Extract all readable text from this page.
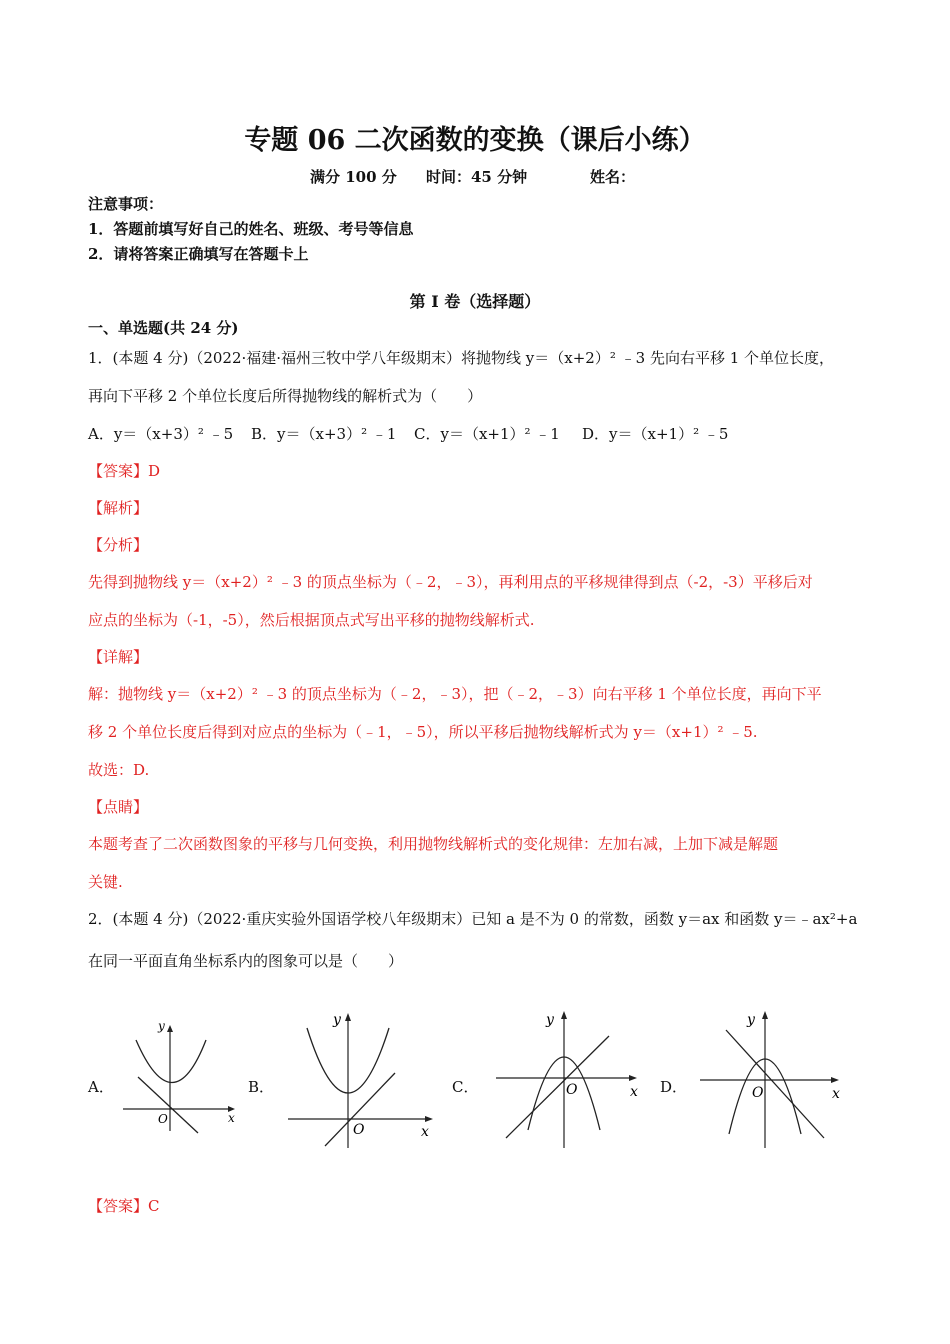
专题 06 二次函数的变换（课后小练）
满分 100 分 时间：45 分钟	姓名：
注意事项：
1．答题前填写好自己的姓名、班级、考号等信息
2．请将答案正确填写在答题卡上
第 I 卷（选择题）
一、单选题(共 24 分)
1．(本题 4 分)（2022·福建·福州三牧中学八年级期末）将抛物线 y＝（x+2）² ﹣3 先向右平移 1 个单位长度，
再向下平移 2 个单位长度后所得抛物线的解析式为（　　）
A．y＝（x+3）² ﹣5 B．y＝（x+3）² ﹣1 C．y＝（x+1）² ﹣1 D．y＝（x+1）² ﹣5
【答案】D
【解析】
【分析】
先得到抛物线 y＝（x+2）² ﹣3 的顶点坐标为（﹣2，﹣3），再利用点的平移规律得到点（-2，-3）平移后对
应点的坐标为（-1，-5），然后根据顶点式写出平移的抛物线解析式.
【详解】
解：抛物线 y＝（x+2）² ﹣3 的顶点坐标为（﹣2，﹣3），把（﹣2，﹣3）向右平移 1 个单位长度，再向下平
移 2 个单位长度后得到对应点的坐标为（﹣1，﹣5），所以平移后抛物线解析式为 y＝（x+1）² ﹣5.
故选：D.
【点睛】
本题考查了二次函数图象的平移与几何变换，利用抛物线解析式的变化规律：左加右减，上加下减是解题
关键.
2．(本题 4 分)（2022·重庆实验外国语学校八年级期末）已知 a 是不为 0 的常数，函数 y＝ax 和函数 y＝﹣ax²+a
在同一平面直角坐标系内的图象可以是（　　）
A．	B．	C．	D．
y
x
O
y
x
O
y
x
O
y
x
O
【答案】C
